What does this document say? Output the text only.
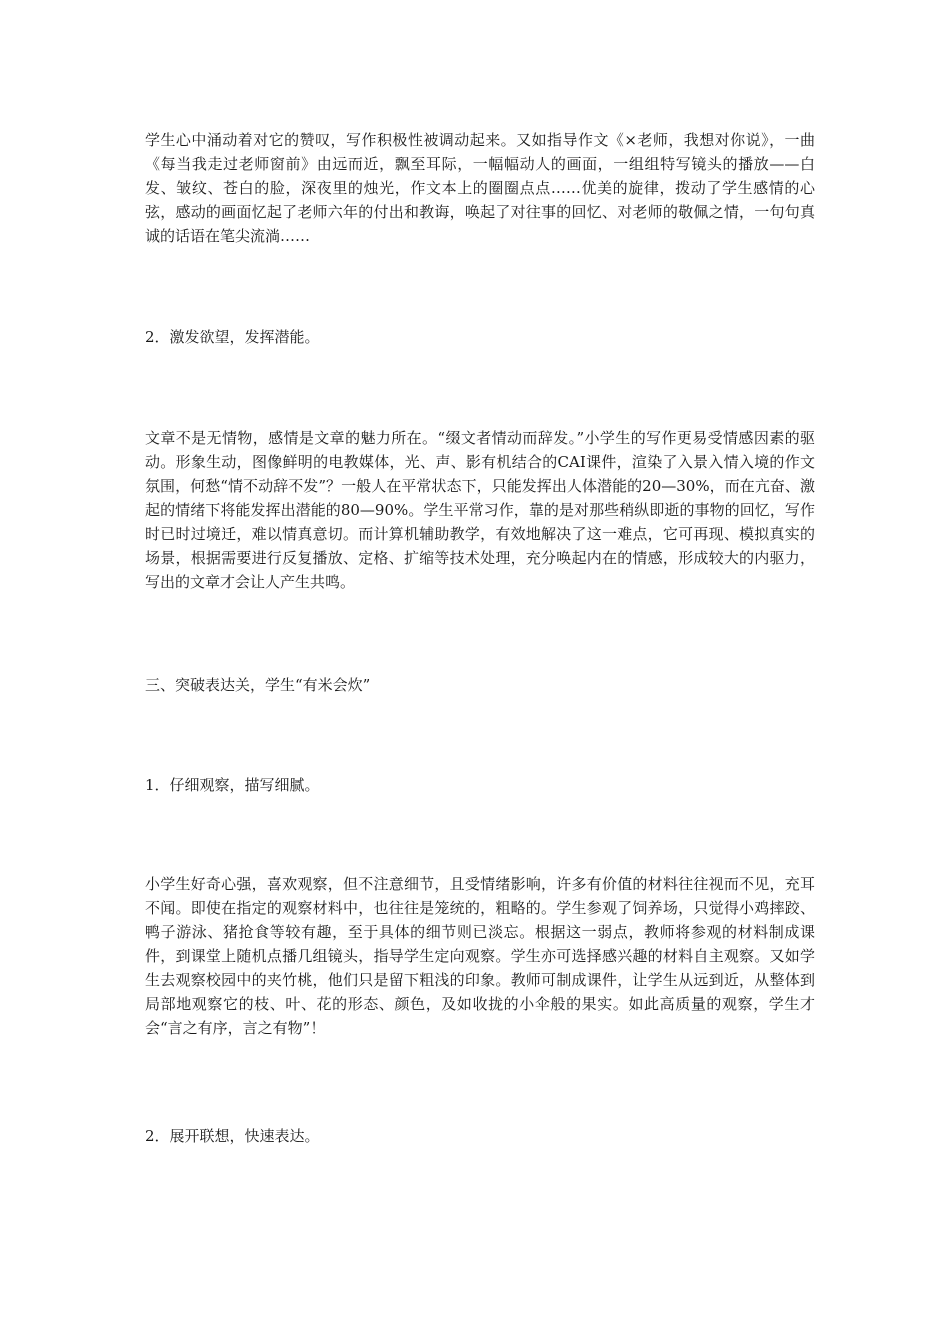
学生心中涌动着对它的赞叹，写作积极性被调动起来。又如指导作文《×老师，我想对你说》，一曲《每当我走过老师窗前》由远而近，飘至耳际，一幅幅动人的画面，一组组特写镜头的播放——白发、皱纹、苍白的脸，深夜里的烛光，作文本上的圈圈点点……优美的旋律，拨动了学生感情的心弦，感动的画面忆起了老师六年的付出和教诲，唤起了对往事的回忆、对老师的敬佩之情，一句句真诚的话语在笔尖流淌……

2．激发欲望，发挥潜能。

文章不是无情物，感情是文章的魅力所在。“缀文者情动而辞发。”小学生的写作更易受情感因素的驱动。形象生动，图像鲜明的电教媒体，光、声、影有机结合的CAI课件，渲染了入景入情入境的作文氛围，何愁“情不动辞不发”？一般人在平常状态下，只能发挥出人体潜能的20—30%，而在亢奋、激起的情绪下将能发挥出潜能的80—90%。学生平常习作，靠的是对那些稍纵即逝的事物的回忆，写作时已时过境迁，难以情真意切。而计算机辅助教学，有效地解决了这一难点，它可再现、模拟真实的场景，根据需要进行反复播放、定格、扩缩等技术处理，充分唤起内在的情感，形成较大的内驱力，写出的文章才会让人产生共鸣。

三、突破表达关，学生“有米会炊”

1．仔细观察，描写细腻。

小学生好奇心强，喜欢观察，但不注意细节，且受情绪影响，许多有价值的材料往往视而不见，充耳不闻。即使在指定的观察材料中，也往往是笼统的，粗略的。学生参观了饲养场，只觉得小鸡摔跤、鸭子游泳、猪抢食等较有趣，至于具体的细节则已淡忘。根据这一弱点，教师将参观的材料制成课件，到课堂上随机点播几组镜头，指导学生定向观察。学生亦可选择感兴趣的材料自主观察。又如学生去观察校园中的夹竹桃，他们只是留下粗浅的印象。教师可制成课件，让学生从远到近，从整体到局部地观察它的枝、叶、花的形态、颜色，及如收拢的小伞般的果实。如此高质量的观察，学生才会“言之有序，言之有物”！

2．展开联想，快速表达。
